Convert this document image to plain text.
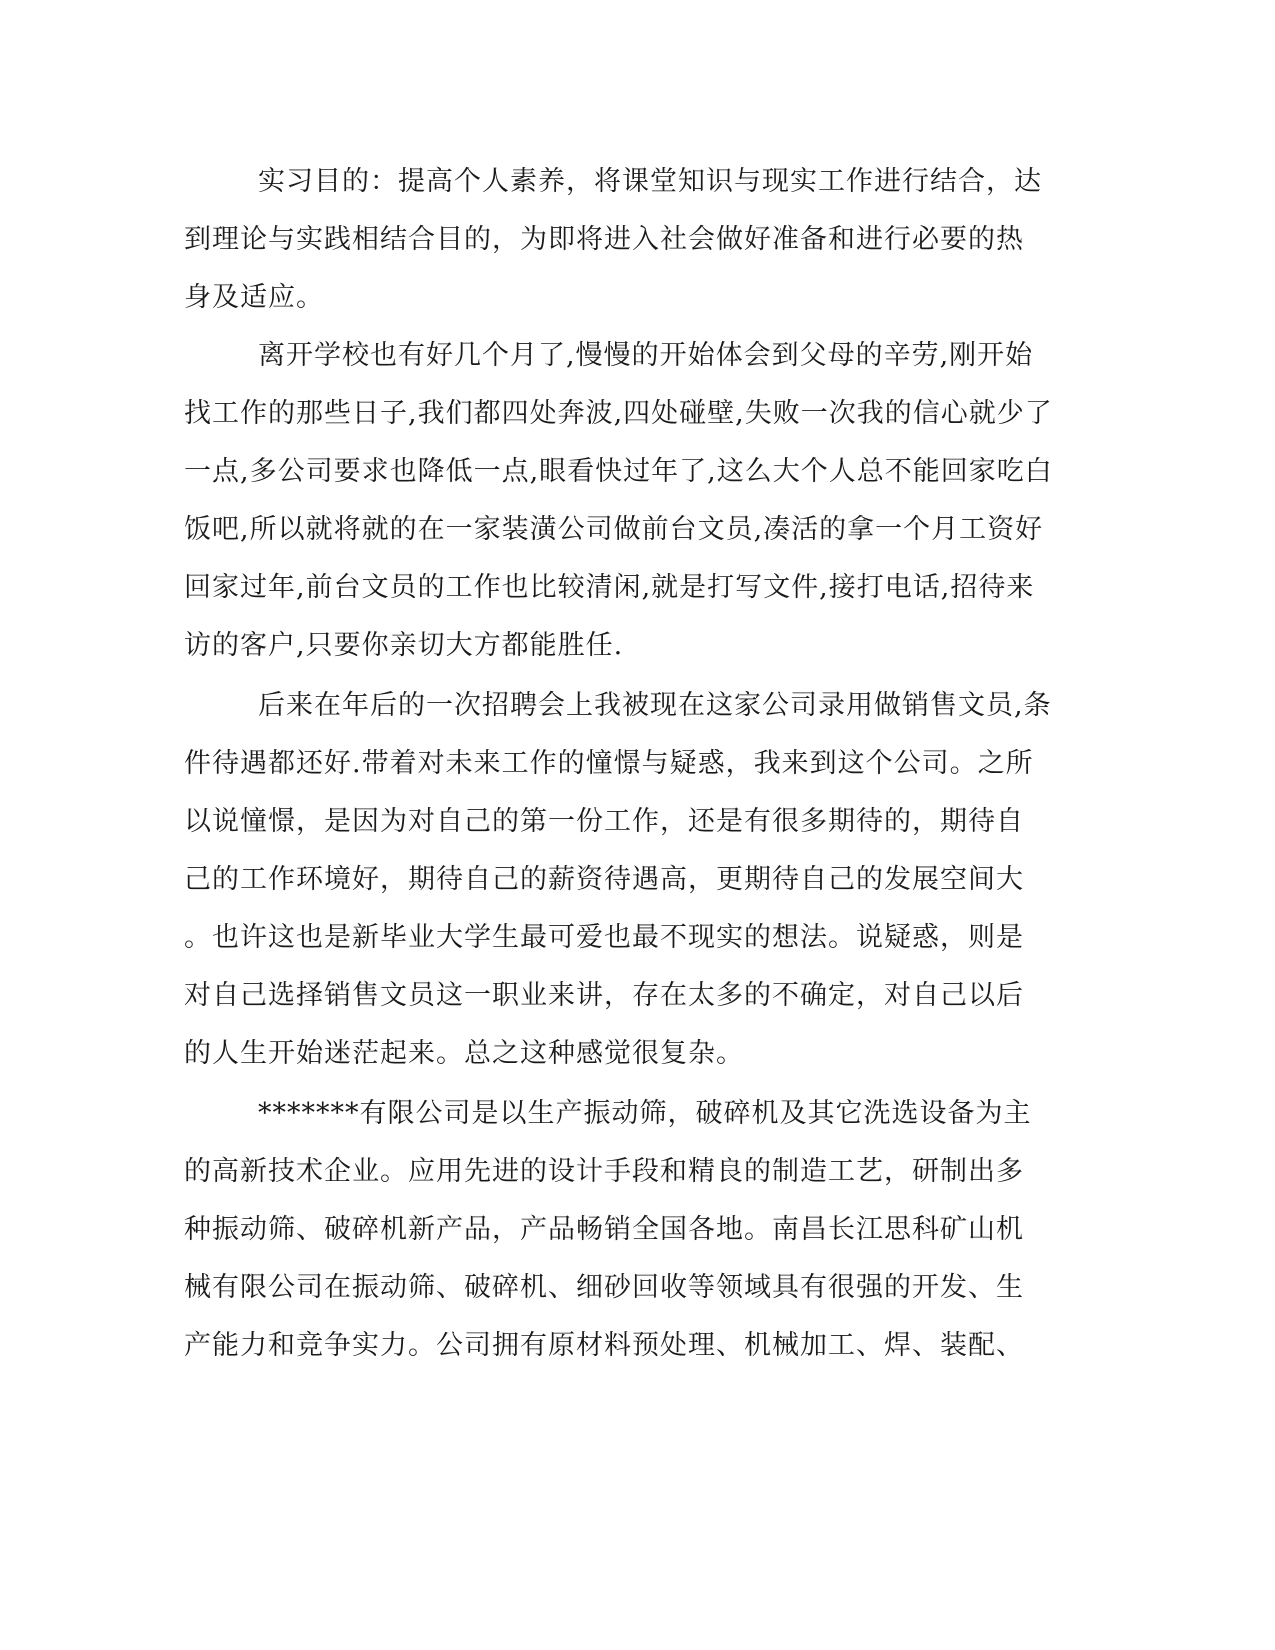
实习目的：提高个人素养，将课堂知识与现实工作进行结合，达
到理论与实践相结合目的，为即将进入社会做好准备和进行必要的热
身及适应。
离开学校也有好几个月了,慢慢的开始体会到父母的辛劳,刚开始
找工作的那些日子,我们都四处奔波,四处碰壁,失败一次我的信心就少了
一点,多公司要求也降低一点,眼看快过年了,这么大个人总不能回家吃白
饭吧,所以就将就的在一家装潢公司做前台文员,凑活的拿一个月工资好
回家过年,前台文员的工作也比较清闲,就是打写文件,接打电话,招待来
访的客户,只要你亲切大方都能胜任.
后来在年后的一次招聘会上我被现在这家公司录用做销售文员,条
件待遇都还好.带着对未来工作的憧憬与疑惑，我来到这个公司。之所
以说憧憬，是因为对自己的第一份工作，还是有很多期待的，期待自
己的工作环境好，期待自己的薪资待遇高，更期待自己的发展空间大
。也许这也是新毕业大学生最可爱也最不现实的想法。说疑惑，则是
对自己选择销售文员这一职业来讲，存在太多的不确定，对自己以后
的人生开始迷茫起来。总之这种感觉很复杂。
*******有限公司是以生产振动筛，破碎机及其它洗选设备为主
的高新技术企业。应用先进的设计手段和精良的制造工艺，研制出多
种振动筛、破碎机新产品，产品畅销全国各地。南昌长江思科矿山机
械有限公司在振动筛、破碎机、细砂回收等领域具有很强的开发、生
产能力和竞争实力。公司拥有原材料预处理、机械加工、焊、装配、
